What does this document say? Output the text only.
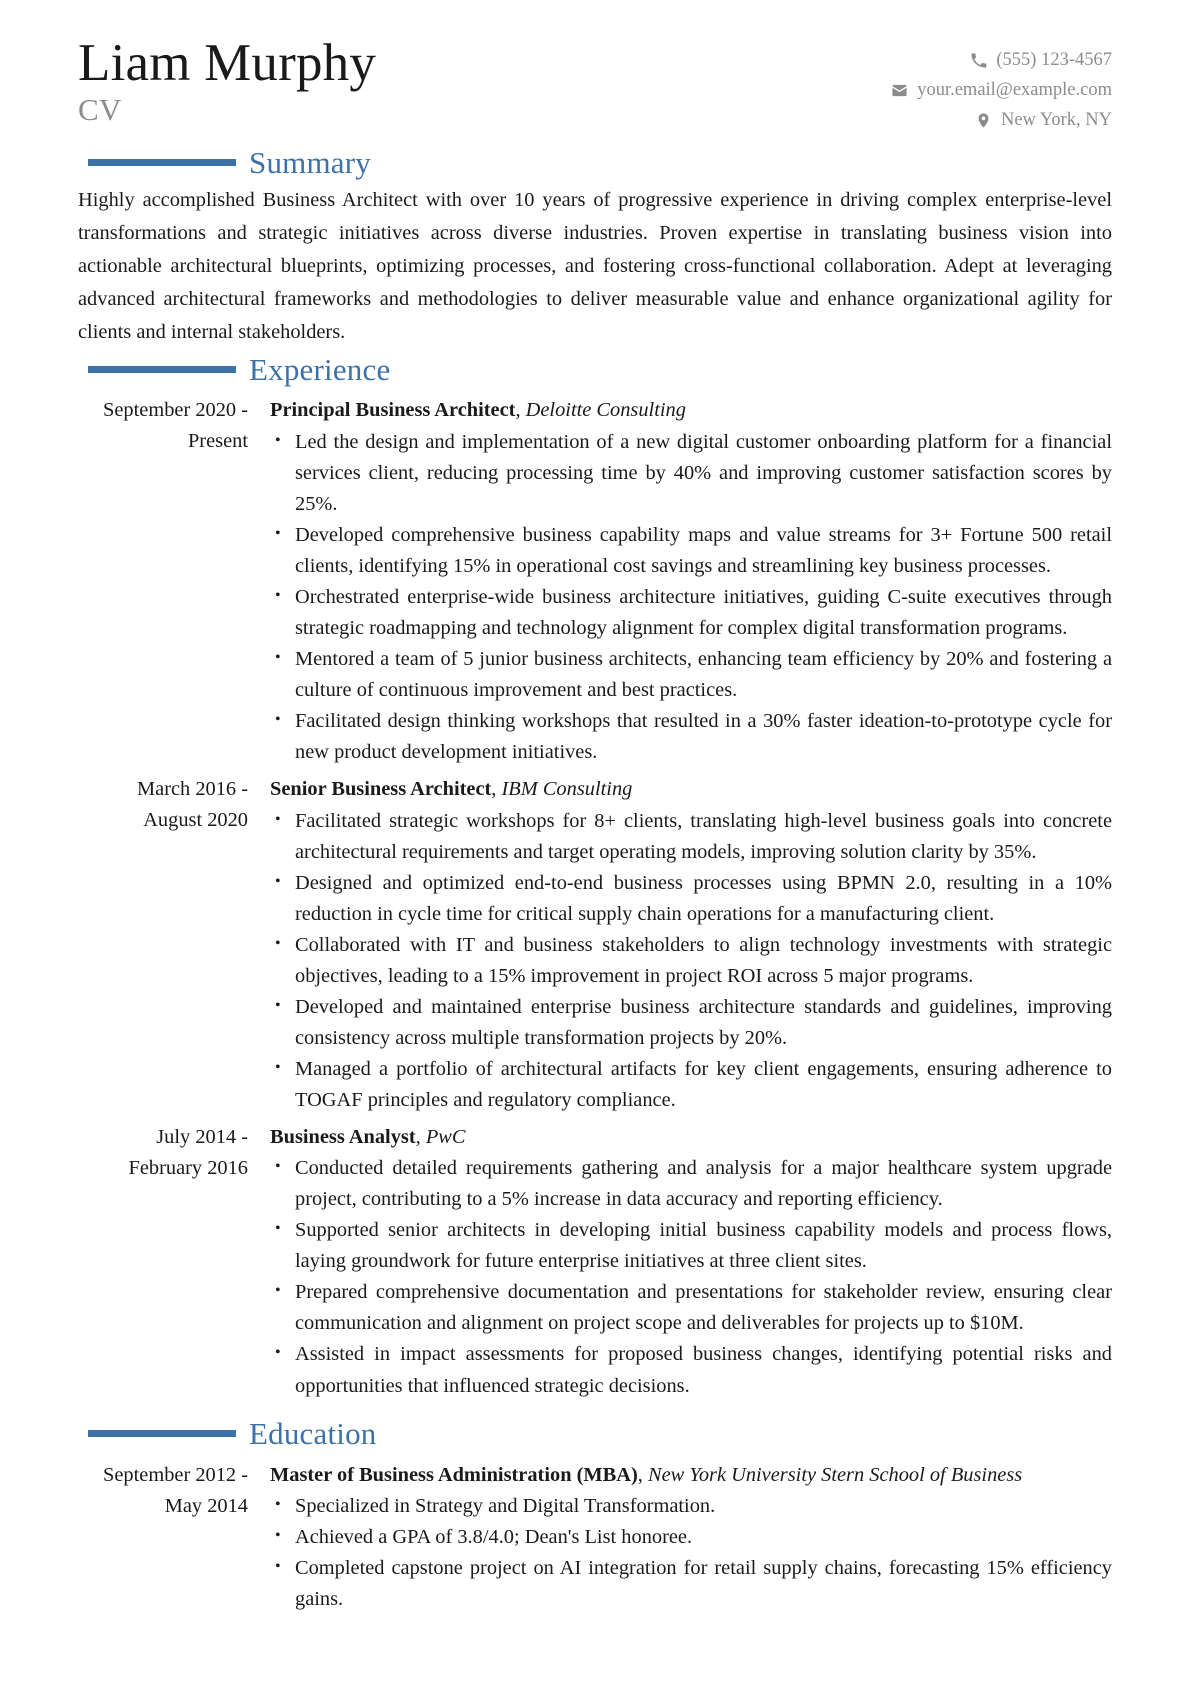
Liam Murphy
CV
(555) 123-4567
your.email@example.com
New York, NY
Summary

Highly accomplished Business Architect with over 10 years of progressive experience in driving complex enterprise-level transformations and strategic initiatives across diverse industries. Proven expertise in translating business vision into actionable architectural blueprints, optimizing processes, and fostering cross-functional collaboration. Adept at leveraging advanced architectural frameworks and methodologies to deliver measurable value and enhance organizational agility for clients and internal stakeholders.

Experience
September 2020 - Present
Principal Business Architect, Deloitte Consulting
• Led the design and implementation of a new digital customer onboarding platform for a financial services client, reducing processing time by 40% and improving customer satisfaction scores by 25%.
• Developed comprehensive business capability maps and value streams for 3+ Fortune 500 retail clients, identifying 15% in operational cost savings and streamlining key business processes.
• Orchestrated enterprise-wide business architecture initiatives, guiding C-suite executives through strategic roadmapping and technology alignment for complex digital transformation programs.
• Mentored a team of 5 junior business architects, enhancing team efficiency by 20% and fostering a culture of continuous improvement and best practices.
• Facilitated design thinking workshops that resulted in a 30% faster ideation-to-prototype cycle for new product development initiatives.
March 2016 - August 2020
Senior Business Architect, IBM Consulting
• Facilitated strategic workshops for 8+ clients, translating high-level business goals into concrete architectural requirements and target operating models, improving solution clarity by 35%.
• Designed and optimized end-to-end business processes using BPMN 2.0, resulting in a 10% reduction in cycle time for critical supply chain operations for a manufacturing client.
• Collaborated with IT and business stakeholders to align technology investments with strategic objectives, leading to a 15% improvement in project ROI across 5 major programs.
• Developed and maintained enterprise business architecture standards and guidelines, improving consistency across multiple transformation projects by 20%.
• Managed a portfolio of architectural artifacts for key client engagements, ensuring adherence to TOGAF principles and regulatory compliance.
July 2014 - February 2016
Business Analyst, PwC
• Conducted detailed requirements gathering and analysis for a major healthcare system upgrade project, contributing to a 5% increase in data accuracy and reporting efficiency.
• Supported senior architects in developing initial business capability models and process flows, laying groundwork for future enterprise initiatives at three client sites.
• Prepared comprehensive documentation and presentations for stakeholder review, ensuring clear communication and alignment on project scope and deliverables for projects up to $10M.
• Assisted in impact assessments for proposed business changes, identifying potential risks and opportunities that influenced strategic decisions.
Education
September 2012 - May 2014
Master of Business Administration (MBA), New York University Stern School of Business
• Specialized in Strategy and Digital Transformation.
• Achieved a GPA of 3.8/4.0; Dean's List honoree.
• Completed capstone project on AI integration for retail supply chains, forecasting 15% efficiency gains.
